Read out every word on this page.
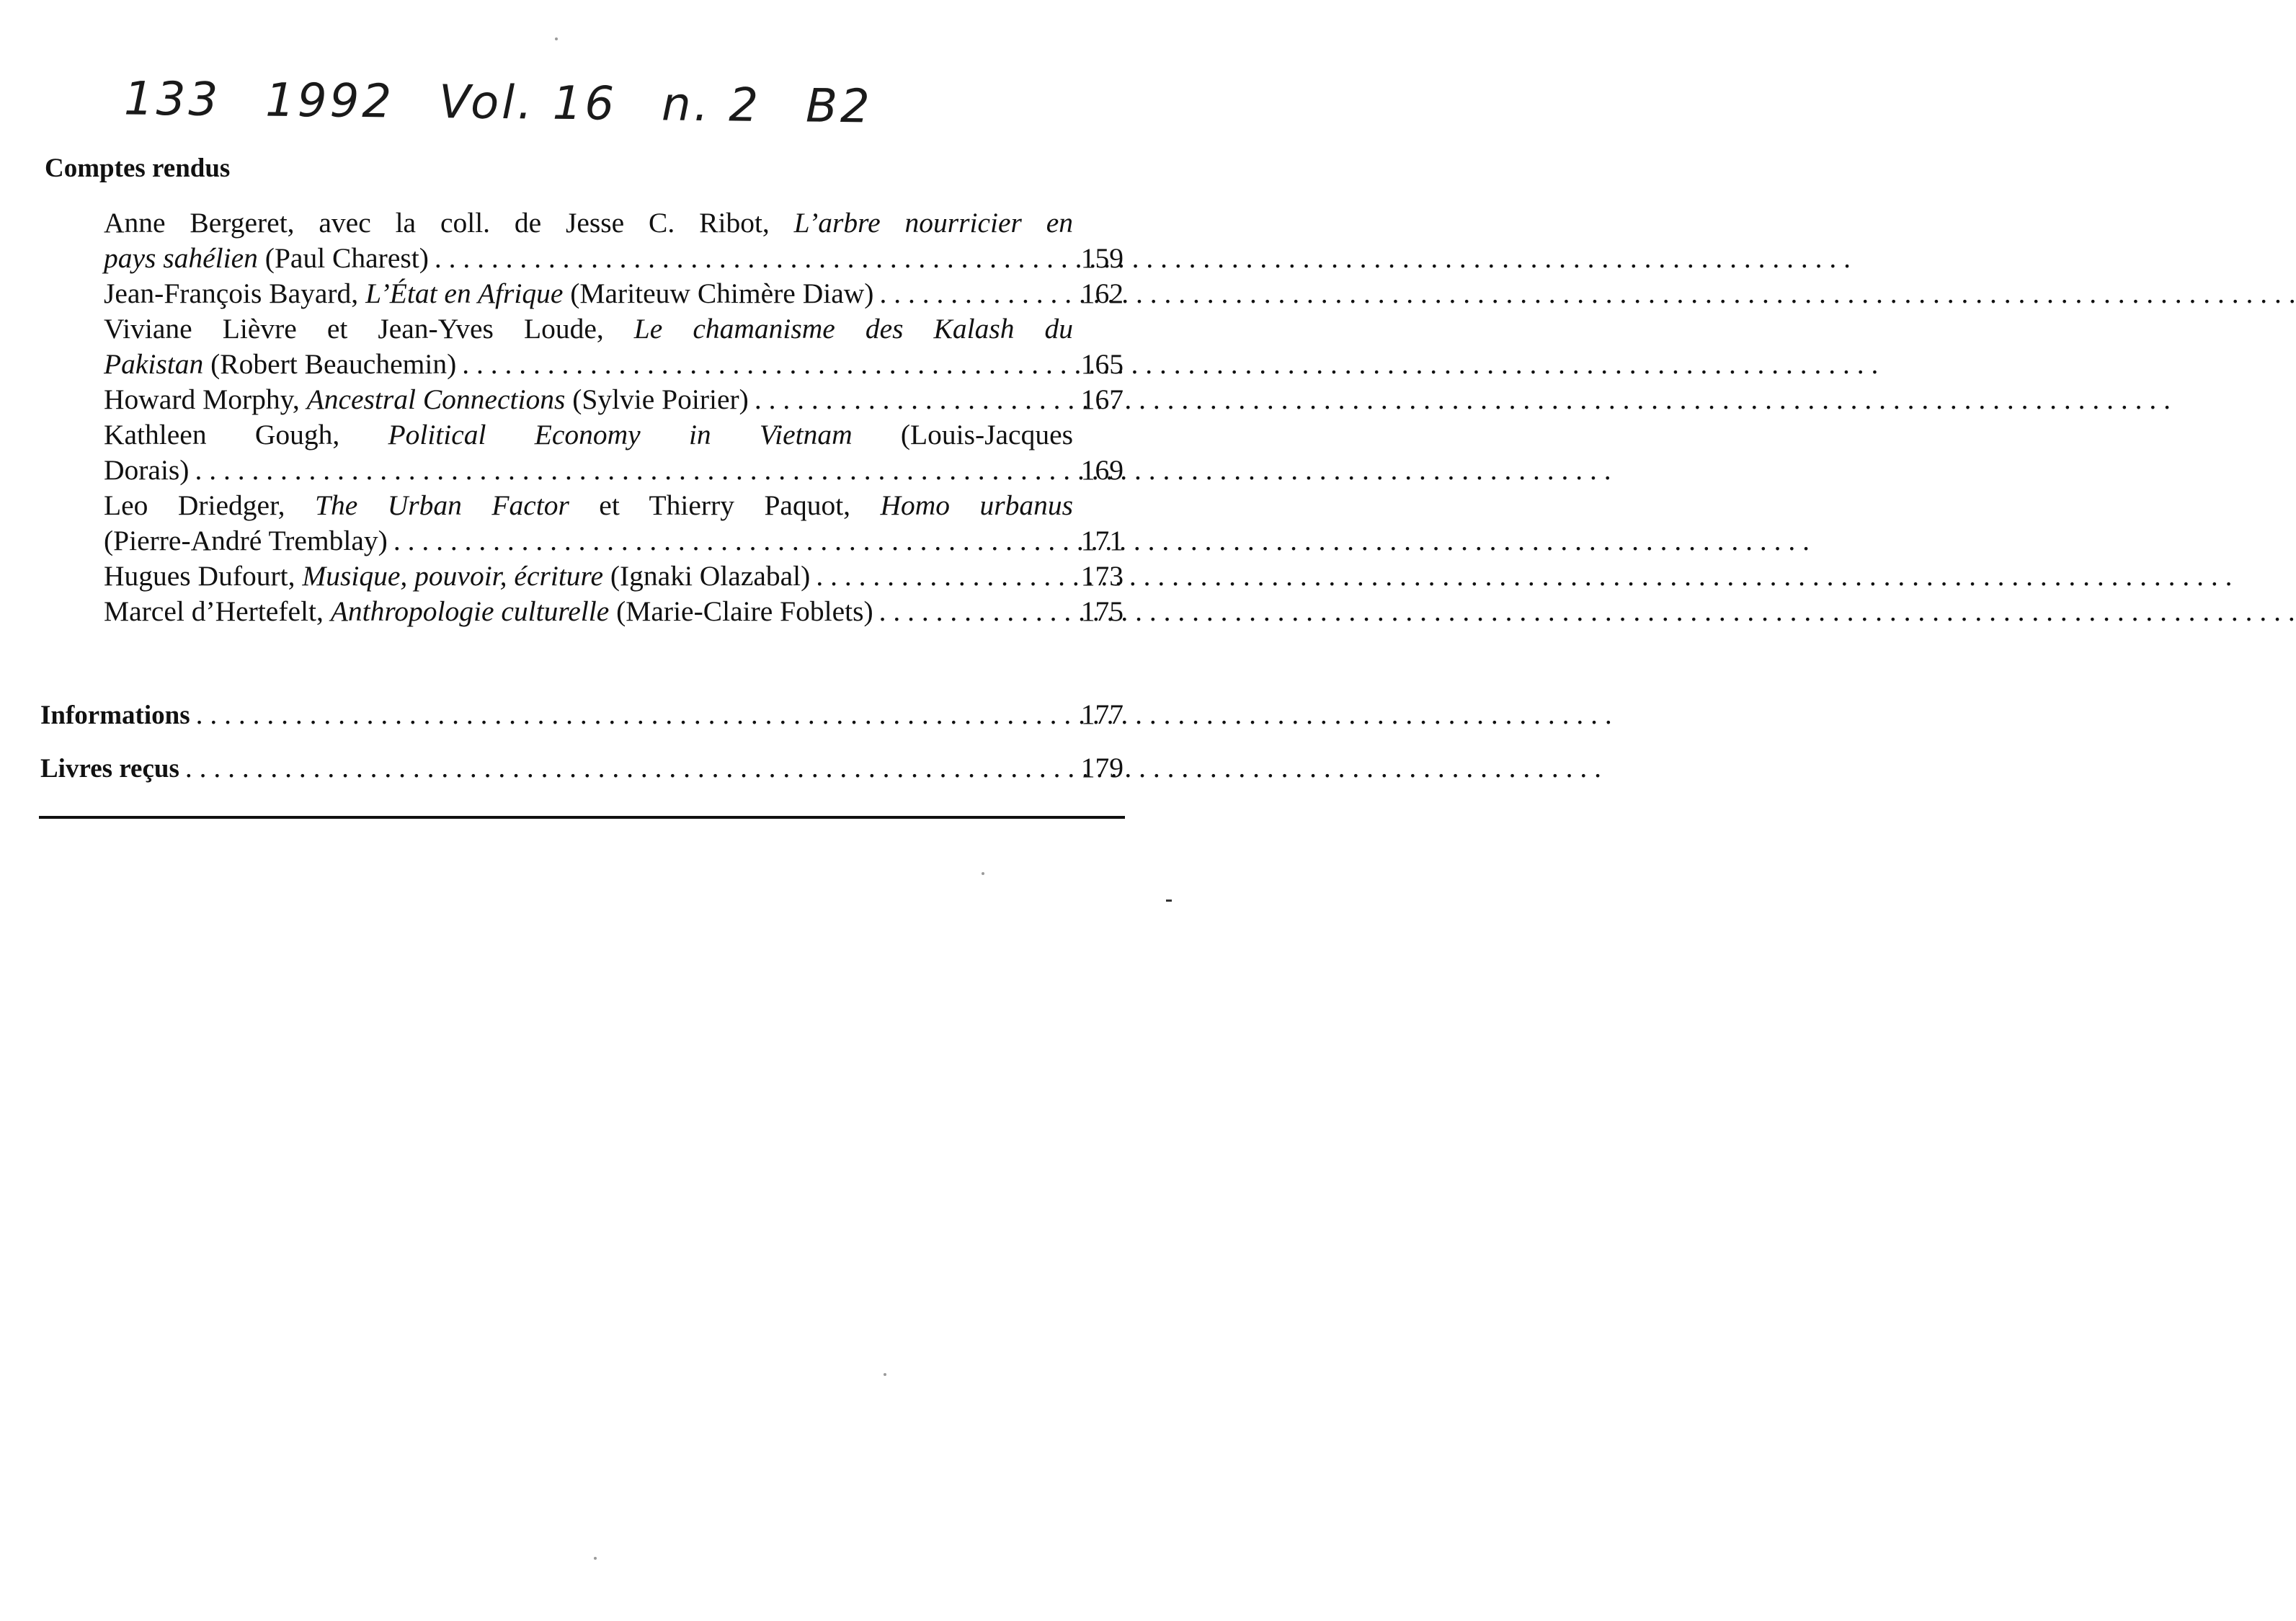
133 1992 Vol. 16 n. 2 B2
Comptes rendus
Anne Bergeret, avec la coll. de Jesse C. Ribot, L’arbre nourricier en
pays sahélien (Paul Charest) . . .	159
Jean-François Bayard, L’État en Afrique (Mariteuw Chimère Diaw) . . .	162
Viviane Lièvre et Jean-Yves Loude, Le chamanisme des Kalash du
Pakistan (Robert Beauchemin) . . .	165
Howard Morphy, Ancestral Connections (Sylvie Poirier) . . .	167
Kathleen Gough, Political Economy in Vietnam (Louis-Jacques
Dorais) . . .	169
Leo Driedger, The Urban Factor et Thierry Paquot, Homo urbanus
(Pierre-André Tremblay) . . .	171
Hugues Dufourt, Musique, pouvoir, écriture (Ignaki Olazabal) . . .	173
Marcel d’Hertefelt, Anthropologie culturelle (Marie-Claire Foblets) . . .	175
Informations . . .	177
Livres reçus . . .	179
